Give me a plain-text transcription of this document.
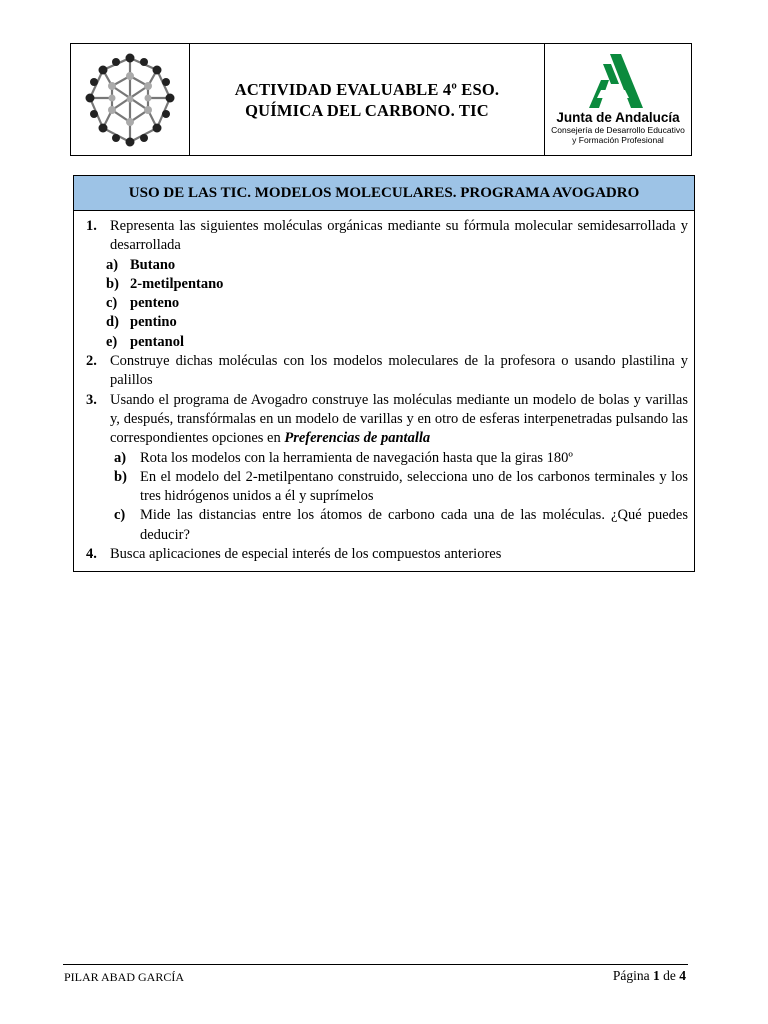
ACTIVIDAD EVALUABLE 4º ESO.
QUÍMICA DEL CARBONO. TIC	Junta de Andalucía
Consejería de Desarrollo Educativo
y Formación Profesional
USO DE LAS TIC. MODELOS MOLECULARES. PROGRAMA AVOGADRO
1. Representa las siguientes moléculas orgánicas mediante su fórmula molecular semidesarrollada y desarrollada
a) Butano
b) 2-metilpentano
c) penteno
d) pentino
e) pentanol
2. Construye dichas moléculas con los modelos moleculares de la profesora o usando plastilina y palillos
3. Usando el programa de Avogadro construye las moléculas mediante un modelo de bolas y varillas y, después, transfórmalas en un modelo de varillas y en otro de esferas interpenetradas pulsando las correspondientes opciones en Preferencias de pantalla
a) Rota los modelos con la herramienta de navegación hasta que la giras 180º
b) En el modelo del 2-metilpentano construido, selecciona uno de los carbonos terminales y los tres hidrógenos unidos a él y suprímelos
c)	Mide las distancias entre los átomos de carbono cada una de las moléculas. ¿Qué puedes deducir?
4. Busca aplicaciones de especial interés de los compuestos anteriores
PILAR ABAD GARCÍA	Página 1 de 4
